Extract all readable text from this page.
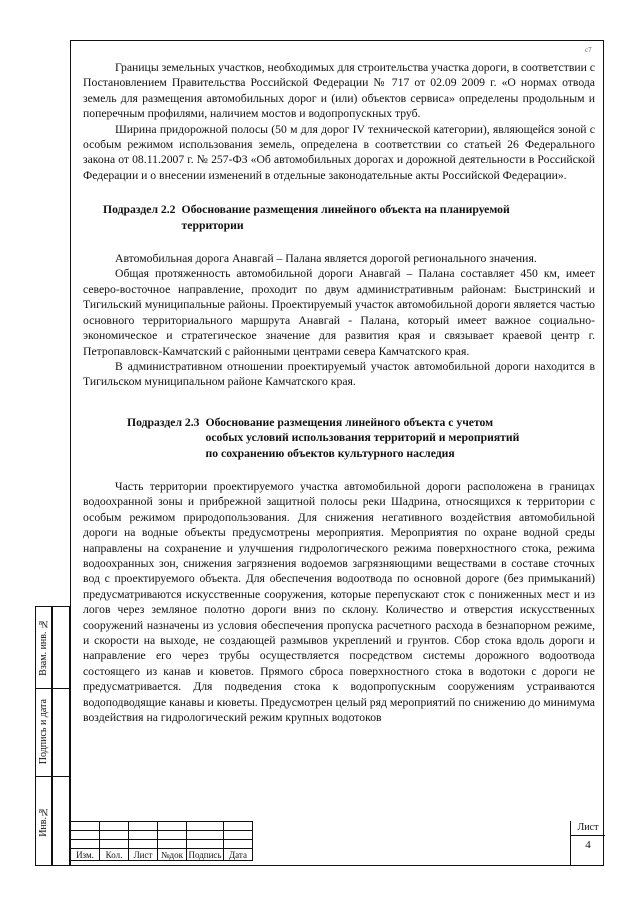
c7

Границы земельных участков, необходимых для строительства участка дороги, в соответствии с Постановлением Правительства Российской Федерации № 717 от 02.09 2009 г. «О нормах отвода земель для размещения автомобильных дорог и (или) объектов сервиса» определены продольным и поперечным профилями, наличием мостов и водопропускных труб.

Ширина придорожной полосы (50 м для дорог IV технической категории), являющейся зоной с особым режимом использования земель, определена в соответствии со статьей 26 Федерального закона от 08.11.2007 г. № 257-ФЗ «Об автомобильных дорогах и дорожной деятельности в Российской Федерации и о внесении изменений в отдельные законодательные акты Российской Федерации».

Подраздел 2.2 Обоснование размещения линейного объекта на планируемой
территории

Автомобильная дорога Анавгай – Палана является дорогой регионального значения.

Общая протяженность автомобильной дороги Анавгай – Палана составляет 450 км, имеет северо-восточное направление, проходит по двум административным районам: Быстринский и Тигильский муниципальные районы. Проектируемый участок автомобильной дороги является частью основного территориального маршрута Анавгай - Палана, который имеет важное социально-экономическое и стратегическое значение для развития края и связывает краевой центр г. Петропавловск-Камчатский с районными центрами севера Камчатского края.

В административном отношении проектируемый участок автомобильной дороги находится в Тигильском муниципальном районе Камчатского края.

Подраздел 2.3 Обоснование размещения линейного объекта с учетом
особых условий использования территорий и мероприятий
по сохранению объектов культурного наследия

Часть территории проектируемого участка автомобильной дороги расположена в границах водоохранной зоны и прибрежной защитной полосы реки Шадрина, относящихся к территории с особым режимом природопользования. Для снижения негативного воздействия автомобильной дороги на водные объекты предусмотрены мероприятия. Мероприятия по охране водной среды направлены на сохранение и улучшения гидрологического режима поверхностного стока, режима водоохранных зон, снижения загрязнения водоемов загрязняющими веществами в составе сточных вод с проектируемого объекта. Для обеспечения водоотвода по основной дороге (без примыканий) предусматриваются искусственные сооружения, которые перепускают сток с пониженных мест и из логов через земляное полотно дороги вниз по склону. Количество и отверстия искусственных сооружений назначены из условия обеспечения пропуска расчетного расхода в безнапорном режиме, и скорости на выходе, не создающей размывов укреплений и грунтов. Сбор стока вдоль дороги и направление его через трубы осуществляется посредством системы дорожного водоотвода состоящего из канав и кюветов. Прямого сброса поверхностного стока в водотоки с дороги не предусматривается. Для подведения стока к водопропускным сооружениям устраиваются водоподводящие канавы и кюветы. Предусмотрен целый ряд мероприятий по снижению до минимума воздействия на гидрологический режим крупных водотоков

Взам. инв. №
Подпись и дата
Инв.№

Изм.	Кол.	Лист	№док	Подпись	Дата
Лист
4
